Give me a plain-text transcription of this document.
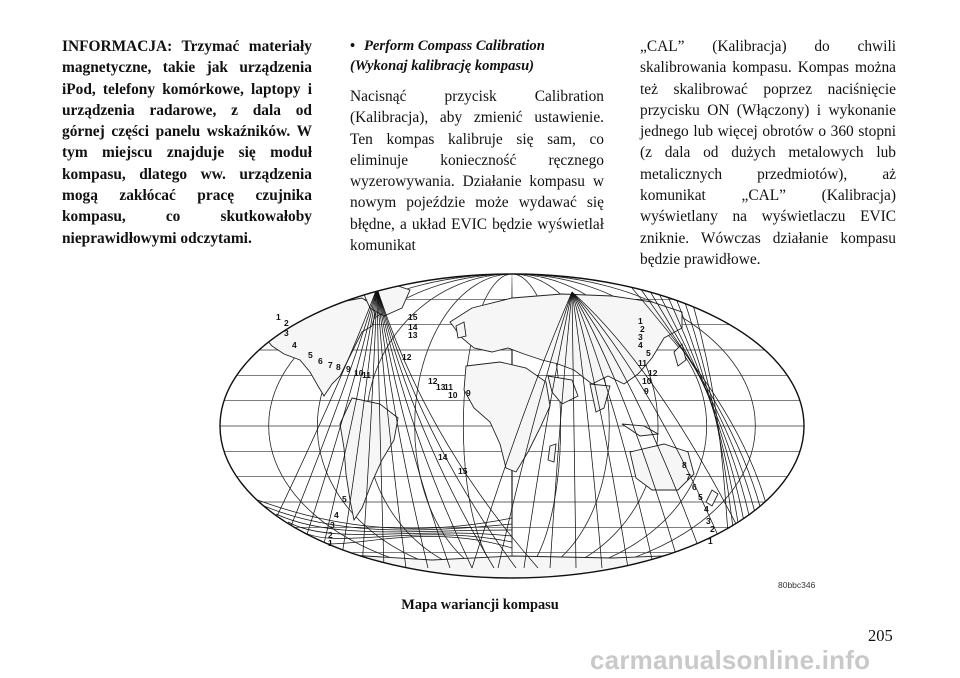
INFORMACJA: Trzymać materiały magnetyczne, takie jak urządzenia iPod, telefony komórkowe, laptopy i urządzenia radarowe, z dala od górnej części panelu wskaźników. W tym miejscu znajduje się moduł kompasu, dlatego ww. urządzenia mogą zakłócać pracę czujnika kompasu, co skutkowałoby nieprawidłowymi odczytami.
• Perform Compass Calibration (Wykonaj kalibrację kompasu)
Nacisnąć przycisk Calibration (Kalibracja), aby zmienić ustawienie. Ten kompas kalibruje się sam, co eliminuje konieczność ręcznego wyzerowywania. Działanie kompasu w nowym pojeździe może wydawać się błędne, a układ EVIC będzie wyświetlał komunikat
„CAL” (Kalibracja) do chwili skalibrowania kompasu. Kompas można też skalibrować poprzez naciśnięcie przycisku ON (Włączony) i wykonanie jednego lub więcej obrotów o 360 stopni (z dala od dużych metalowych lub metalicznych przedmiotów), aż komunikat „CAL” (Kalibracja) wyświetlany na wyświetlaczu EVIC zniknie. Wówczas działanie kompasu będzie prawidłowe.
1
2
3
4
5
6 7 8 9 10
11
15
14
13
12
12
13
11
10 9
1
2
3
4
5
11
12
10
9
14
15
5
4
3
2
1
8
7
6
5
4
3
2
1
80bbc346
Mapa wariancji kompasu
205
carmanualsonline.info
